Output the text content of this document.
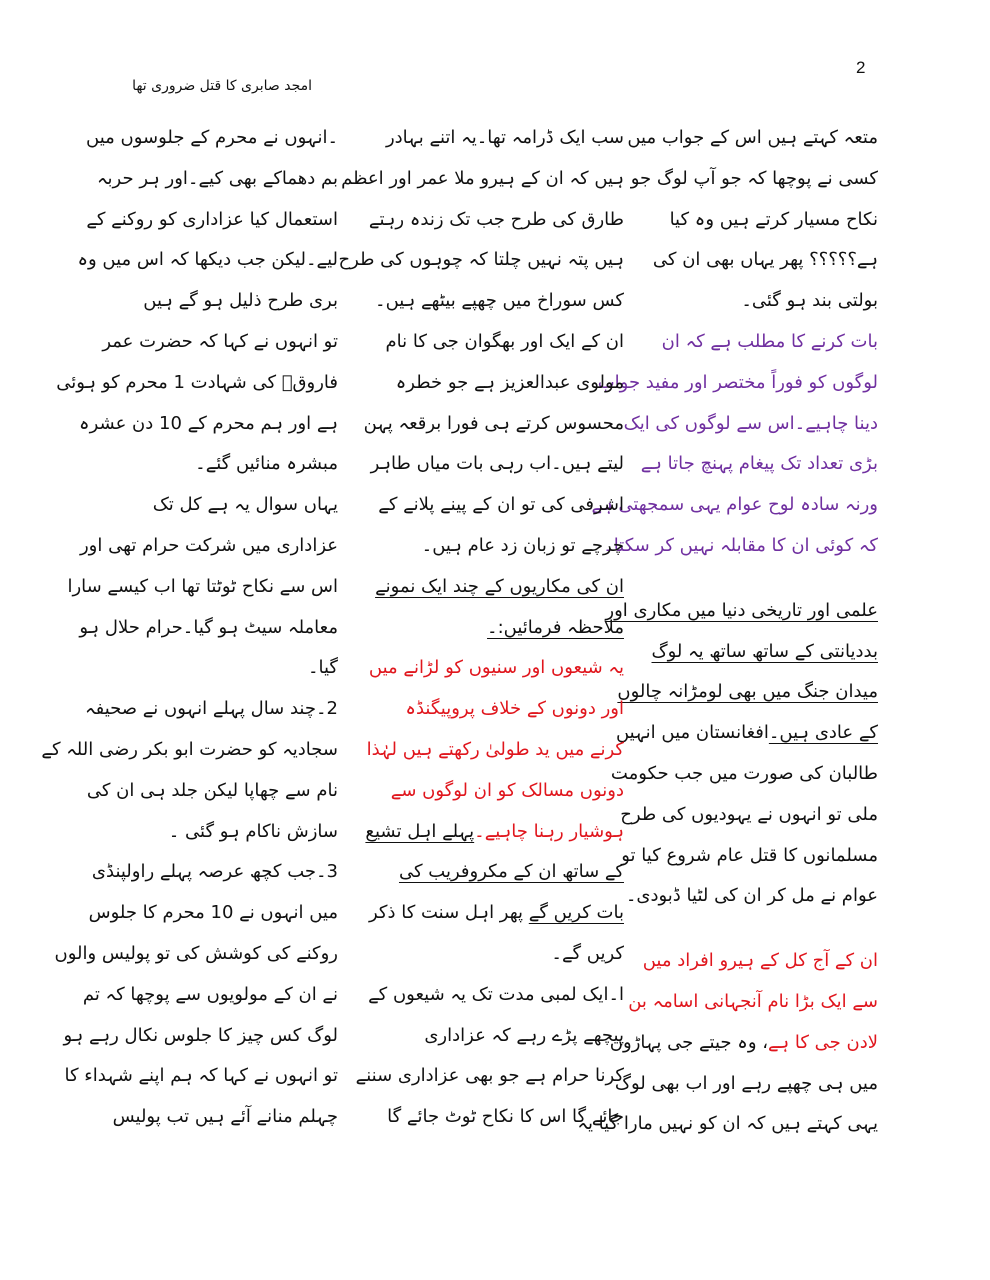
2
امجد صابری کا قتل ضروری تھا
متعہ کہتے ہیں اس کے جواب میں
کسی نے پوچھا کہ جو آپ لوگ جو
نکاح مسیار کرتے ہیں وہ کیا
ہے؟؟؟؟؟ پھر یہاں بھی ان کی
بولتی بند ہو گئی۔
بات کرنے کا مطلب ہے کہ ان
لوگوں کو فوراً مختصر اور مفید جواب
دینا چاہیے۔اس سے لوگوں کی ایک
بڑی تعداد تک پیغام پہنچ جاتا ہے
ورنہ سادہ لوح عوام یہی سمجھتی ہے
کہ کوئی ان کا مقابلہ نہیں کر سکتا۔
علمی اور تاریخی دنیا میں مکاری اور
بددیانتی کے ساتھ ساتھ یہ لوگ
میدان جنگ میں بھی لومڑانہ چالوں
کے عادی ہیں۔افغانستان میں انہیں
طالبان کی صورت میں جب حکومت
ملی تو انہوں نے یہودیوں کی طرح
مسلمانوں کا قتل عام شروع کیا تو
عوام نے مل کر ان کی لٹیا ڈبودی۔
ان کے آج کل کے ہیرو افراد میں
سے ایک بڑا نام آنجہانی اسامہ بن
لادن جی کا ہے، وہ جیتے جی پہاڑوں
میں ہی چھپے رہے اور اب بھی لوگ
یہی کہتے ہیں کہ ان کو نہیں مارا گیا یہ
سب ایک ڈرامہ تھا۔یہ اتنے بہادر
ہیں کہ ان کے ہیرو ملا عمر اور اعظم
طارق کی طرح جب تک زندہ رہتے
ہیں پتہ نہیں چلتا کہ چوہوں کی طرح
کس سوراخ میں چھپے بیٹھے ہیں۔
ان کے ایک اور بھگوان جی کا نام
مولوی عبدالعزیز ہے جو خطرہ
محسوس کرتے ہی فورا برقعہ پہن
لیتے ہیں۔اب رہی بات میاں طاہر
اشرفی کی تو ان کے پینے پلانے کے
چرچے تو زبان زد عام ہیں۔
ان کی مکاریوں کے چند ایک نمونے
ملاحظہ فرمائیں:۔
یہ شیعوں اور سنیوں کو لڑانے میں
اور دونوں کے خلاف پروپیگنڈہ
کرنے میں ید طولیٰ رکھتے ہیں لہٰذا
دونوں مسالک کو ان لوگوں سے
ہوشیار رہنا چاہیے۔پہلے اہل تشیع
کے ساتھ ان کے مکروفریب کی
بات کریں گے پھر اہل سنت کا ذکر
کریں گے۔
ا۔ایک لمبی مدت تک یہ شیعوں کے
پیچھے پڑے رہے کہ عزاداری
کرنا حرام ہے جو بھی عزاداری سننے
جائے گا اس کا نکاح ٹوٹ جائے گا
۔انہوں نے محرم کے جلوسوں میں
بم دھماکے بھی کیے۔اور ہر حربہ
استعمال کیا عزاداری کو روکنے کے
لیے۔لیکن جب دیکھا کہ اس میں وہ
بری طرح ذلیل ہو گے ہیں
تو انہوں نے کہا کہ حضرت عمر
فاروقؓ کی شہادت 1 محرم کو ہوئی
ہے اور ہم محرم کے 10 دن عشرہ
مبشرہ منائیں گئے۔
یہاں سوال یہ ہے کل تک
عزاداری میں شرکت حرام تھی اور
اس سے نکاح ٹوٹتا تھا اب کیسے سارا
معاملہ سیٹ ہو گیا۔حرام حلال ہو
گیا۔
2۔چند سال پہلے انہوں نے صحیفہ
سجادیہ کو حضرت ابو بکر رضی اللہ کے
نام سے چھاپا لیکن جلد ہی ان کی
سازش ناکام ہو گئی ۔
3۔جب کچھ عرصہ پہلے راولپنڈی
میں انہوں نے 10 محرم کا جلوس
روکنے کی کوشش کی تو پولیس والوں
نے ان کے مولویوں سے پوچھا کہ تم
لوگ کس چیز کا جلوس نکال رہے ہو
تو انہوں نے کہا کہ ہم اپنے شہداء کا
چہلم منانے آئے ہیں تب پولیس
